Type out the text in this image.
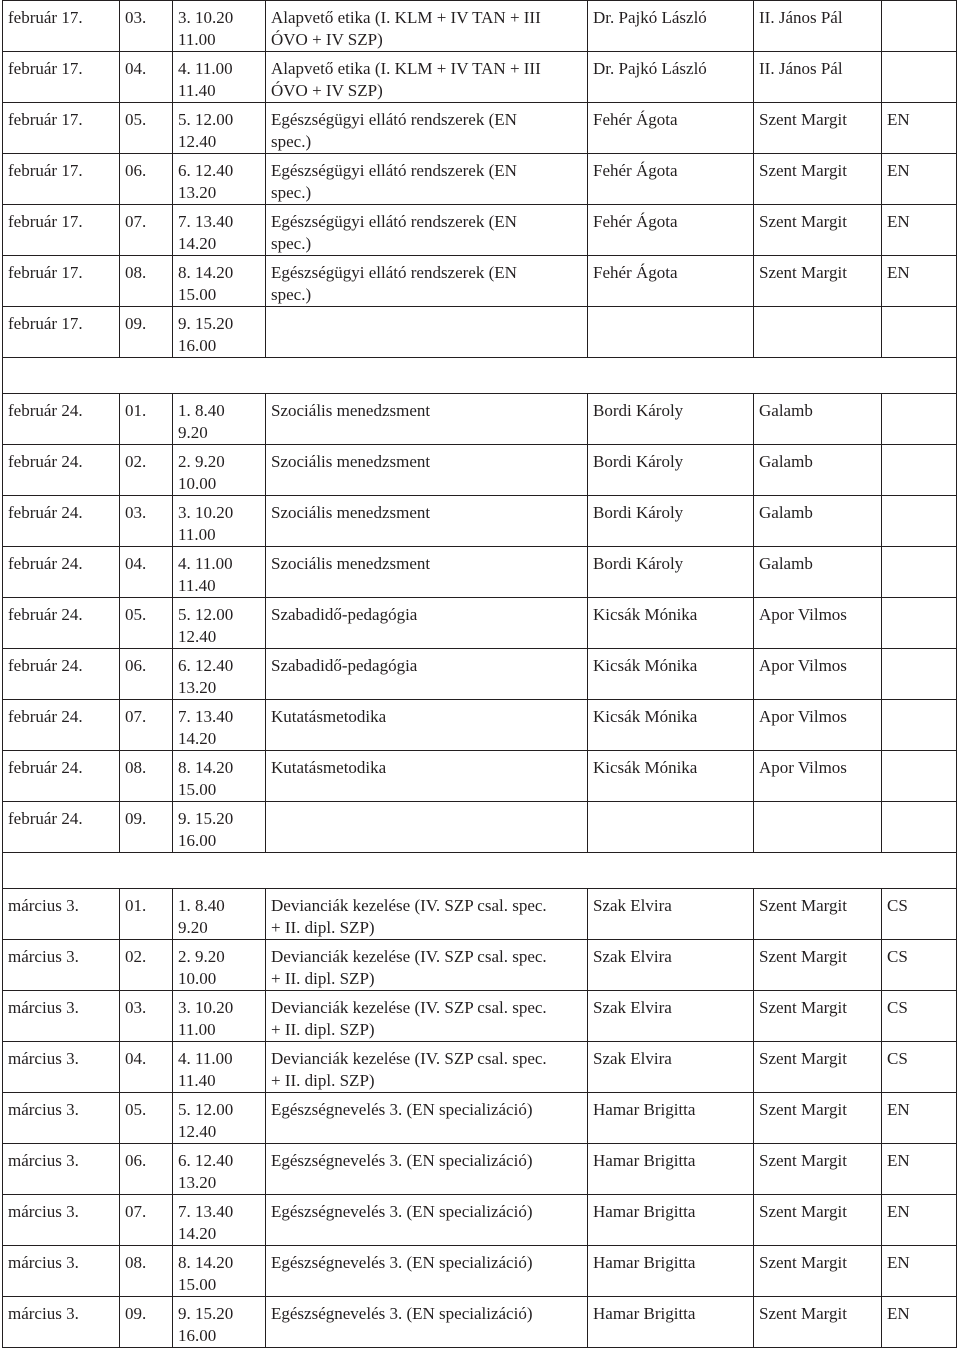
február 17.	03.	3. 10.20
11.00	Alapvető etika (I. KLM + IV TAN + III
ÓVO + IV SZP)	Dr. Pajkó László	II. János Pál	
február 17.	04.	4. 11.00
11.40	Alapvető etika (I. KLM + IV TAN + III
ÓVO + IV SZP)	Dr. Pajkó László	II. János Pál	
február 17.	05.	5. 12.00
12.40	Egészségügyi ellátó rendszerek (EN
spec.)	Fehér Ágota	Szent Margit	EN
február 17.	06.	6. 12.40
13.20	Egészségügyi ellátó rendszerek (EN
spec.)	Fehér Ágota	Szent Margit	EN
február 17.	07.	7. 13.40
14.20	Egészségügyi ellátó rendszerek (EN
spec.)	Fehér Ágota	Szent Margit	EN
február 17.	08.	8. 14.20
15.00	Egészségügyi ellátó rendszerek (EN
spec.)	Fehér Ágota	Szent Margit	EN
február 17.	09.	9. 15.20
16.00				

február 24.	01.	1. 8.40
9.20	Szociális menedzsment	Bordi Károly	Galamb	
február 24.	02.	2. 9.20
10.00	Szociális menedzsment	Bordi Károly	Galamb	
február 24.	03.	3. 10.20
11.00	Szociális menedzsment	Bordi Károly	Galamb	
február 24.	04.	4. 11.00
11.40	Szociális menedzsment	Bordi Károly	Galamb	
február 24.	05.	5. 12.00
12.40	Szabadidő-pedagógia	Kicsák Mónika	Apor Vilmos	
február 24.	06.	6. 12.40
13.20	Szabadidő-pedagógia	Kicsák Mónika	Apor Vilmos	
február 24.	07.	7. 13.40
14.20	Kutatásmetodika	Kicsák Mónika	Apor Vilmos	
február 24.	08.	8. 14.20
15.00	Kutatásmetodika	Kicsák Mónika	Apor Vilmos	
február 24.	09.	9. 15.20
16.00				

március 3.	01.	1. 8.40
9.20	Devianciák kezelése (IV. SZP csal. spec.
+ II. dipl. SZP)	Szak Elvira	Szent Margit	CS
március 3.	02.	2. 9.20
10.00	Devianciák kezelése (IV. SZP csal. spec.
+ II. dipl. SZP)	Szak Elvira	Szent Margit	CS
március 3.	03.	3. 10.20
11.00	Devianciák kezelése (IV. SZP csal. spec.
+ II. dipl. SZP)	Szak Elvira	Szent Margit	CS
március 3.	04.	4. 11.00
11.40	Devianciák kezelése (IV. SZP csal. spec.
+ II. dipl. SZP)	Szak Elvira	Szent Margit	CS
március 3.	05.	5. 12.00
12.40	Egészségnevelés 3. (EN specializáció)	Hamar Brigitta	Szent Margit	EN
március 3.	06.	6. 12.40
13.20	Egészségnevelés 3. (EN specializáció)	Hamar Brigitta	Szent Margit	EN
március 3.	07.	7. 13.40
14.20	Egészségnevelés 3. (EN specializáció)	Hamar Brigitta	Szent Margit	EN
március 3.	08.	8. 14.20
15.00	Egészségnevelés 3. (EN specializáció)	Hamar Brigitta	Szent Margit	EN
március 3.	09.	9. 15.20
16.00	Egészségnevelés 3. (EN specializáció)	Hamar Brigitta	Szent Margit	EN
